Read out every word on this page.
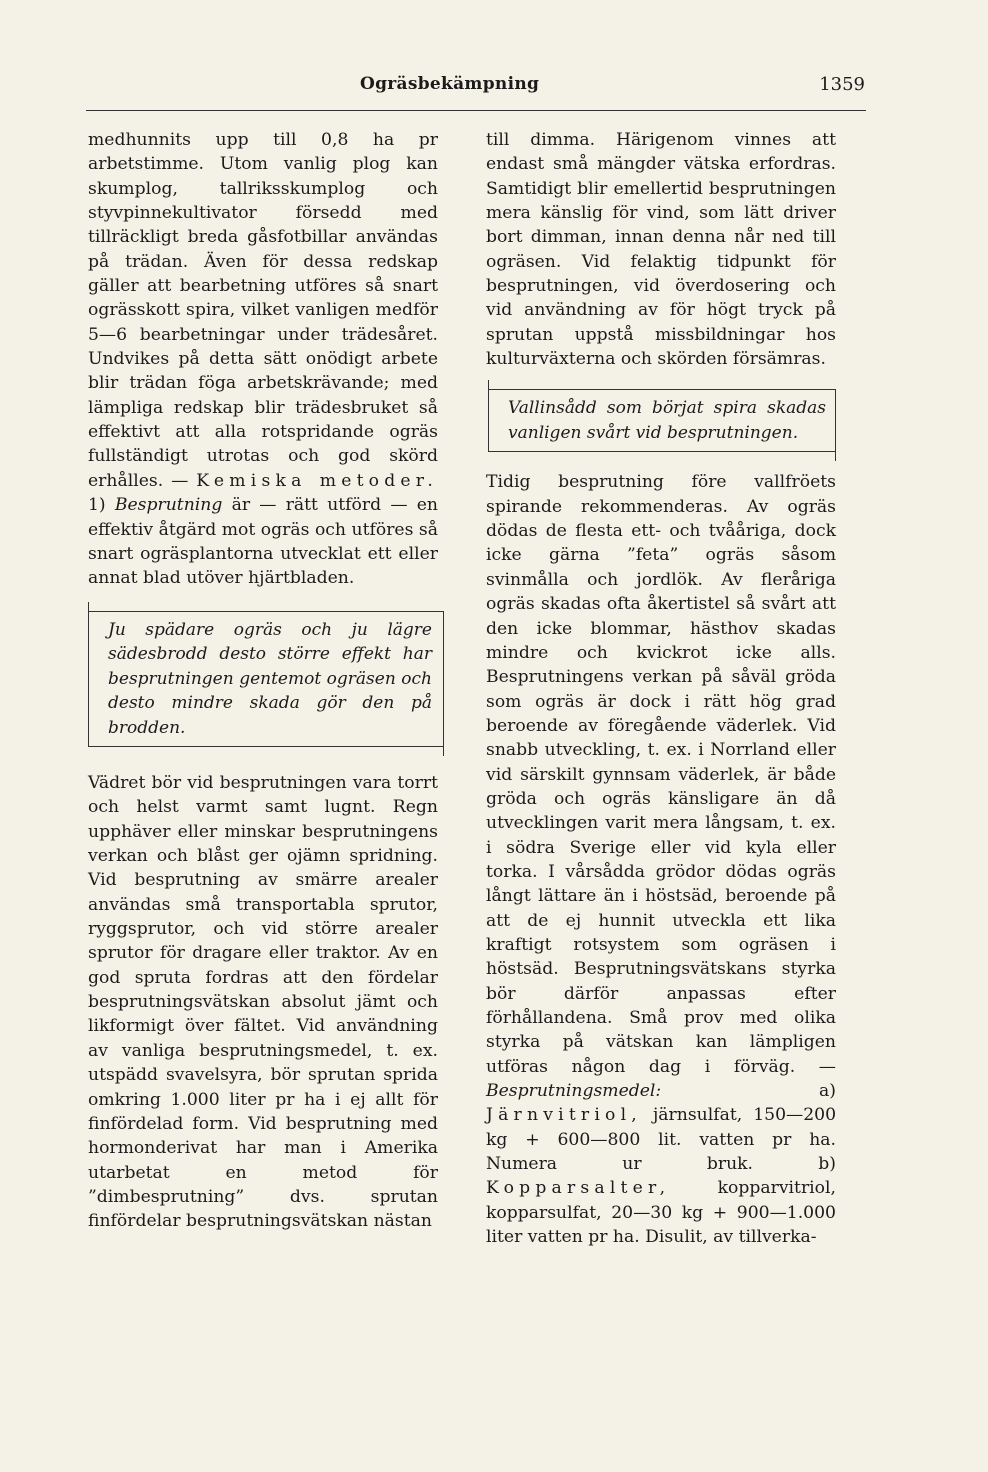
Ogräsbekämpning	1359

medhunnits upp till 0,8 ha pr arbetstimme. Utom vanlig plog kan skumplog, tallriksskumplog och styvpinnekultivator försedd med tillräckligt breda gåsfotbillar användas på trädan. Även för dessa redskap gäller att bearbetning utföres så snart ogrässkott spira, vilket vanligen medför 5—6 bearbetningar under trädesåret. Undvikes på detta sätt onödigt arbete blir trädan föga arbetskrävande; med lämpliga redskap blir trädesbruket så effektivt att alla rotspridande ogräs fullständigt utrotas och god skörd erhålles. — Kemiska metoder. 1) Besprutning är — rätt utförd — en effektiv åtgärd mot ogräs och utföres så snart ogräsplantorna utvecklat ett eller annat blad utöver hjärtbladen.

Ju spädare ogräs och ju lägre sädesbrodd desto större effekt har besprutningen gentemot ogräsen och desto mindre skada gör den på brodden.

Vädret bör vid besprutningen vara torrt och helst varmt samt lugnt. Regn upphäver eller minskar besprutningens verkan och blåst ger ojämn spridning. Vid besprutning av smärre arealer användas små transportabla sprutor, ryggsprutor, och vid större arealer sprutor för dragare eller traktor. Av en god spruta fordras att den fördelar besprutningsvätskan absolut jämt och likformigt över fältet. Vid användning av vanliga besprutningsmedel, t. ex. utspädd svavelsyra, bör sprutan sprida omkring 1.000 liter pr ha i ej allt för finfördelad form. Vid besprutning med hormonderivat har man i Amerika utarbetat en metod för ”dimbesprutning” dvs. sprutan finfördelar besprutningsvätskan nästan

till dimma. Härigenom vinnes att endast små mängder vätska erfordras. Samtidigt blir emellertid besprutningen mera känslig för vind, som lätt driver bort dimman, innan denna når ned till ogräsen. Vid felaktig tidpunkt för besprutningen, vid överdosering och vid användning av för högt tryck på sprutan uppstå missbildningar hos kulturväxterna och skörden försämras.

Vallinsådd som börjat spira skadas vanligen svårt vid besprutningen.

Tidig besprutning före vallfröets spirande rekommenderas. Av ogräs dödas de flesta ett- och tvååriga, dock icke gärna ”feta” ogräs såsom svinmålla och jordlök. Av fleråriga ogräs skadas ofta åkertistel så svårt att den icke blommar, hästhov skadas mindre och kvickrot icke alls. Besprutningens verkan på såväl gröda som ogräs är dock i rätt hög grad beroende av föregående väderlek. Vid snabb utveckling, t. ex. i Norrland eller vid särskilt gynnsam väderlek, är både gröda och ogräs känsligare än då utvecklingen varit mera långsam, t. ex. i södra Sverige eller vid kyla eller torka. I vårsådda grödor dödas ogräs långt lättare än i höstsäd, beroende på att de ej hunnit utveckla ett lika kraftigt rotsystem som ogräsen i höstsäd. Besprutningsvätskans styrka bör därför anpassas efter förhållandena. Små prov med olika styrka på vätskan kan lämpligen utföras någon dag i förväg. — Besprutningsmedel: a) Järnvitriol, järnsulfat, 150—200 kg + 600—800 lit. vatten pr ha. Numera ur bruk. b) Kopparsalter, kopparvitriol, kopparsulfat, 20—30 kg + 900—1.000 liter vatten pr ha. Disulit, av tillverka-
